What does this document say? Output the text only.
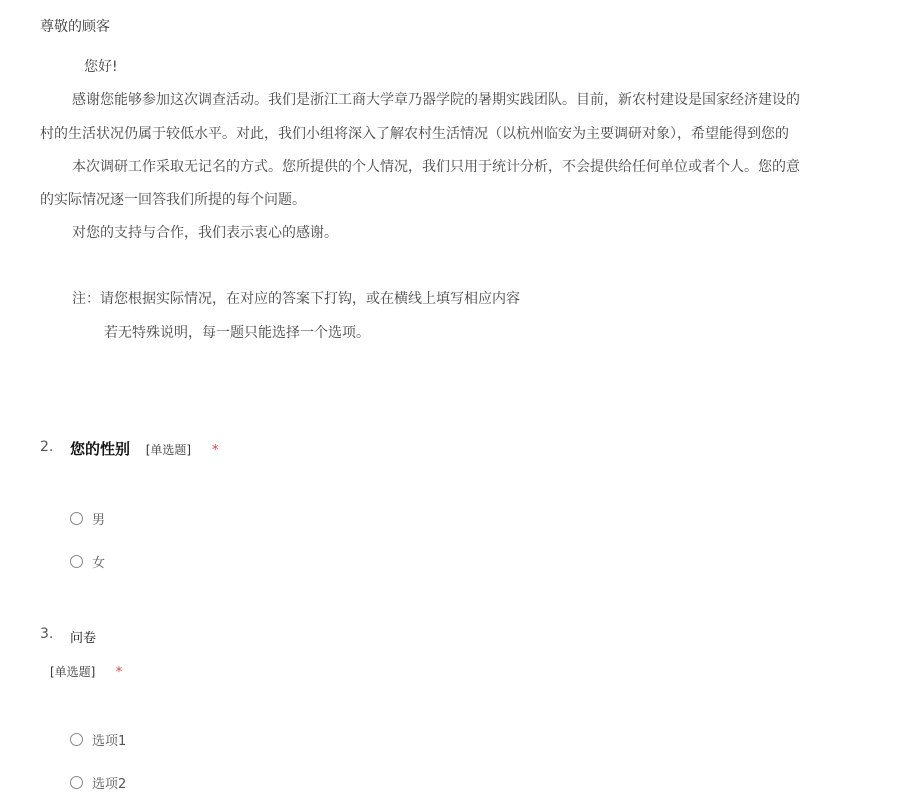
尊敬的顾客
您好!
感谢您能够参加这次调查活动。我们是浙江工商大学章乃器学院的暑期实践团队。目前，新农村建设是国家经济建设的
村的生活状况仍属于较低水平。对此，我们小组将深入了解农村生活情况（以杭州临安为主要调研对象），希望能得到您的
本次调研工作采取无记名的方式。您所提供的个人情况，我们只用于统计分析，不会提供给任何单位或者个人。您的意
的实际情况逐一回答我们所提的每个问题。
对您的支持与合作，我们表示衷心的感谢。
注：请您根据实际情况，在对应的答案下打钩，或在横线上填写相应内容
若无特殊说明，每一题只能选择一个选项。
2. 您的性别 [单选题] *
男
女
3. 问卷
[单选题] *
选项1
选项2
